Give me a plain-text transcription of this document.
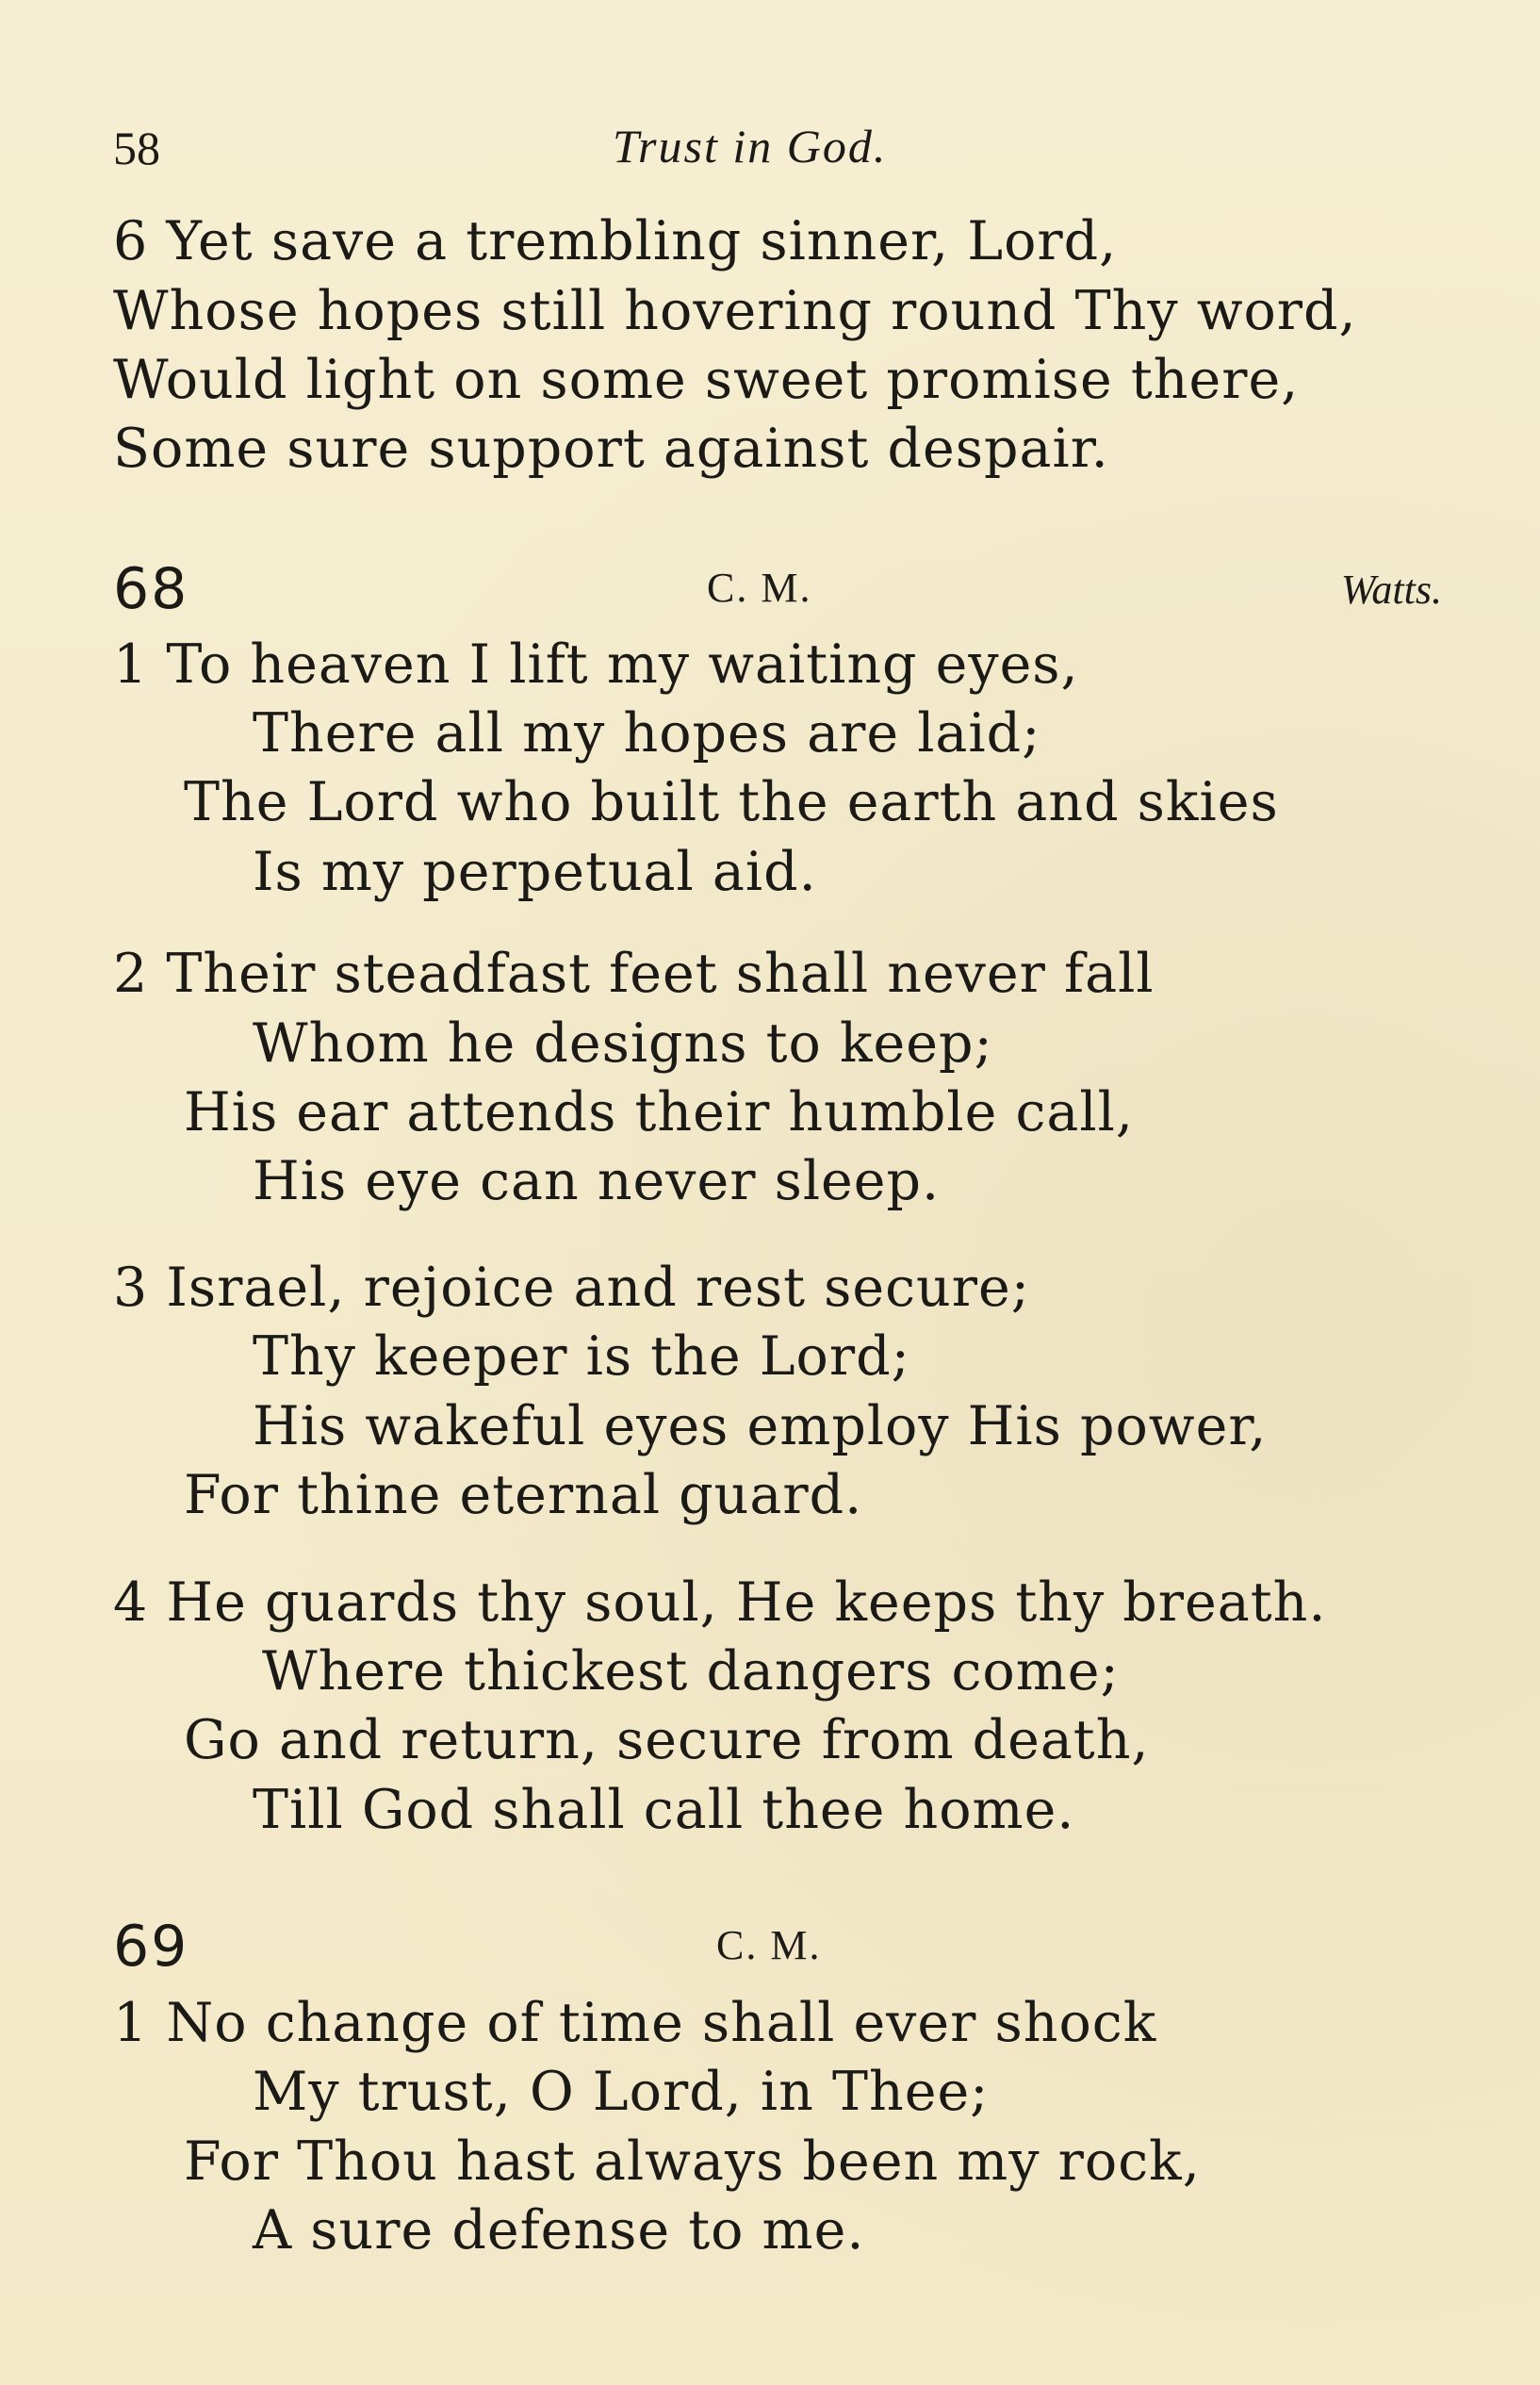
58	Trust in God.
6 Yet save a trembling sinner, Lord,
Whose hopes still hovering round Thy word,
Would light on some sweet promise there,
Some sure support against despair.
68	C. M.	Watts.
1 To heaven I lift my waiting eyes,
There all my hopes are laid;
The Lord who built the earth and skies
Is my perpetual aid.
2 Their steadfast feet shall never fall
Whom he designs to keep;
His ear attends their humble call,
His eye can never sleep.
3 Israel, rejoice and rest secure;
Thy keeper is the Lord;
His wakeful eyes employ His power,
For thine eternal guard.
4 He guards thy soul, He keeps thy breath.
Where thickest dangers come;
Go and return, secure from death,
Till God shall call thee home.
69	C. M.
1 No change of time shall ever shock
My trust, O Lord, in Thee;
For Thou hast always been my rock,
A sure defense to me.
